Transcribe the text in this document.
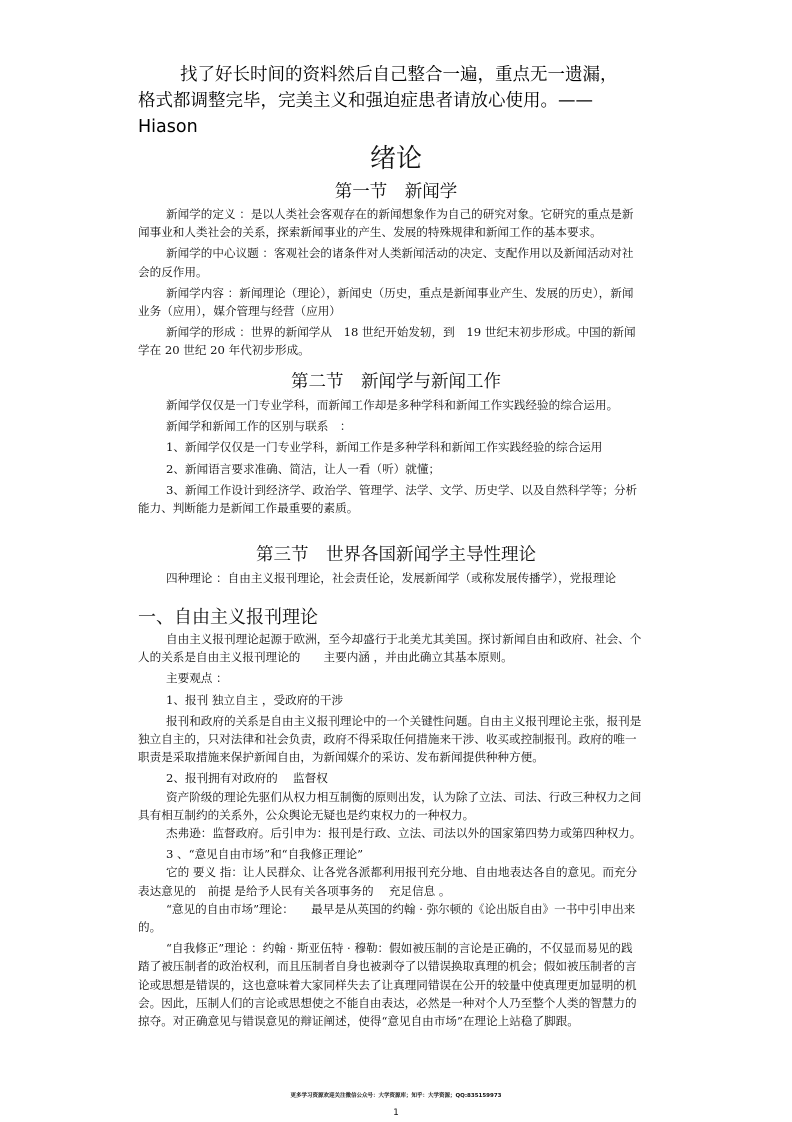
找了好长时间的资料然后自己整合一遍，重点无一遗漏，

格式都调整完毕，完美主义和强迫症患者请放心使用。——

Hiason

绪论
第一节　新闻学

新闻学的定义 ：是以人类社会客观存在的新闻想象作为自己的研究对象。它研究的重点是新闻事业和人类社会的关系，探索新闻事业的产生、发展的特殊规律和新闻工作的基本要求。

新闻学的中心议题 ：客观社会的诸条件对人类新闻活动的决定、支配作用以及新闻活动对社会的反作用。

新闻学内容 ：新闻理论（理论），新闻史（历史，重点是新闻事业产生、发展的历史），新闻业务（应用），媒介管理与经营（应用）

新闻学的形成 ：世界的新闻学从　18 世纪开始发轫，到　19 世纪末初步形成。中国的新闻学在 20 世纪 20 年代初步形成。

第二节　新闻学与新闻工作

新闻学仅仅是一门专业学科，而新闻工作却是多种学科和新闻工作实践经验的综合运用。

新闻学和新闻工作的区别与联系　：

1、新闻学仅仅是一门专业学科，新闻工作是多种学科和新闻工作实践经验的综合运用

2、新闻语言要求准确、简洁，让人一看（听）就懂；

3、新闻工作设计到经济学、政治学、管理学、法学、文学、历史学、以及自然科学等；分析能力、判断能力是新闻工作最重要的素质。

第三节　世界各国新闻学主导性理论

四种理论 ：自由主义报刊理论，社会责任论，发展新闻学（或称发展传播学），党报理论

一、自由主义报刊理论

自由主义报刊理论起源于欧洲，至今却盛行于北美尤其美国。探讨新闻自由和政府、社会、个人的关系是自由主义报刊理论的　　主要内涵 ，并由此确立其基本原则。

主要观点 ：

1、报刊 独立自主 ，受政府的干涉

报刊和政府的关系是自由主义报刊理论中的一个关键性问题。自由主义报刊理论主张，报刊是独立自主的，只对法律和社会负责，政府不得采取任何措施来干涉、收买或控制报刊。政府的唯一职责是采取措施来保护新闻自由，为新闻媒介的采访、发布新闻提供种种方便。

2、报刊拥有对政府的　 监督权

资产阶级的理论先驱们从权力相互制衡的原则出发，认为除了立法、司法、行政三种权力之间具有相互制约的关系外，公众舆论无疑也是约束权力的一种权力。

杰弗逊：监督政府。后引申为：报刊是行政、立法、司法以外的国家第四势力或第四种权力。

3 、“意见自由市场”和“自我修正理论”

它的 要义 指：让人民群众、让各党各派都利用报刊充分地、自由地表达各自的意见。而充分表达意见的　前提 是给予人民有关各项事务的　 充足信息 。

“意见的自由市场”理论：　　最早是从英国的约翰 · 弥尔顿的《论出版自由》一书中引申出来的。

“自我修正”理论 ：约翰 · 斯亚伍特 · 穆勒：假如被压制的言论是正确的，不仅显而易见的践踏了被压制者的政治权利，而且压制者自身也被剥夺了以错误换取真理的机会；假如被压制者的言论或思想是错误的，这也意味着大家同样失去了让真理同错误在公开的较量中使真理更加显明的机会。因此，压制人们的言论或思想使之不能自由表达，必然是一种对个人乃至整个人类的智慧力的掠夺。对正确意见与错误意见的辩证阐述，使得“意见自由市场”在理论上站稳了脚跟。

更多学习资源欢迎关注微信公众号：大学资源库；知乎：大学资源；QQ:835159973
1
